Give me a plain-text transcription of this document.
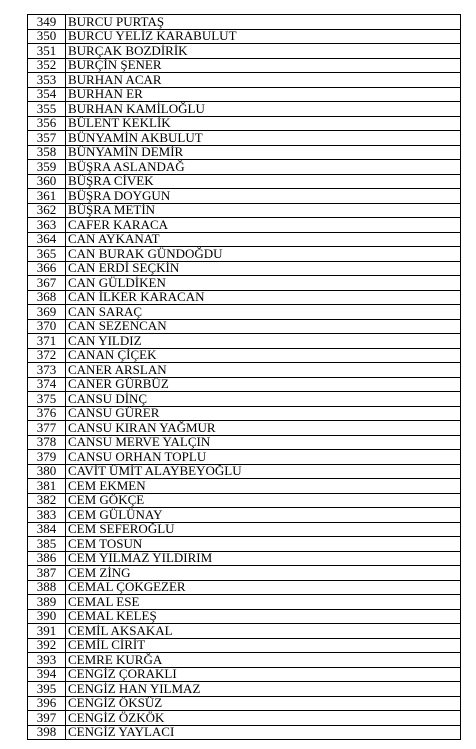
349	BURCU PURTAŞ
350	BURCU YELİZ KARABULUT
351	BURÇAK BOZDİRİK
352	BURÇİN ŞENER
353	BURHAN ACAR
354	BURHAN ER
355	BURHAN KAMİLOĞLU
356	BÜLENT KEKLİK
357	BÜNYAMİN AKBULUT
358	BÜNYAMİN DEMİR
359	BÜŞRA ASLANDAĞ
360	BÜŞRA CİVEK
361	BÜŞRA DOYGUN
362	BÜŞRA METİN
363	CAFER KARACA
364	CAN AYKANAT
365	CAN BURAK GÜNDOĞDU
366	CAN ERDİ SEÇKİN
367	CAN GÜLDİKEN
368	CAN İLKER KARACAN
369	CAN SARAÇ
370	CAN SEZENCAN
371	CAN YILDIZ
372	CANAN ÇİÇEK
373	CANER ARSLAN
374	CANER GÜRBÜZ
375	CANSU DİNÇ
376	CANSU GÜRER
377	CANSU KIRAN YAĞMUR
378	CANSU MERVE YALÇIN
379	CANSU ORHAN TOPLU
380	CAVİT ÜMİT ALAYBEYOĞLU
381	CEM EKMEN
382	CEM GÖKÇE
383	CEM GÜLÜNAY
384	CEM SEFEROĞLU
385	CEM TOSUN
386	CEM YILMAZ YILDIRIM
387	CEM ZİNG
388	CEMAL ÇOKGEZER
389	CEMAL ESE
390	CEMAL KELEŞ
391	CEMİL AKSAKAL
392	CEMİL CİRİT
393	CEMRE KURĞA
394	CENGİZ ÇORAKLI
395	CENGİZ HAN YILMAZ
396	CENGİZ ÖKSÜZ
397	CENGİZ ÖZKÖK
398	CENGİZ YAYLACI
